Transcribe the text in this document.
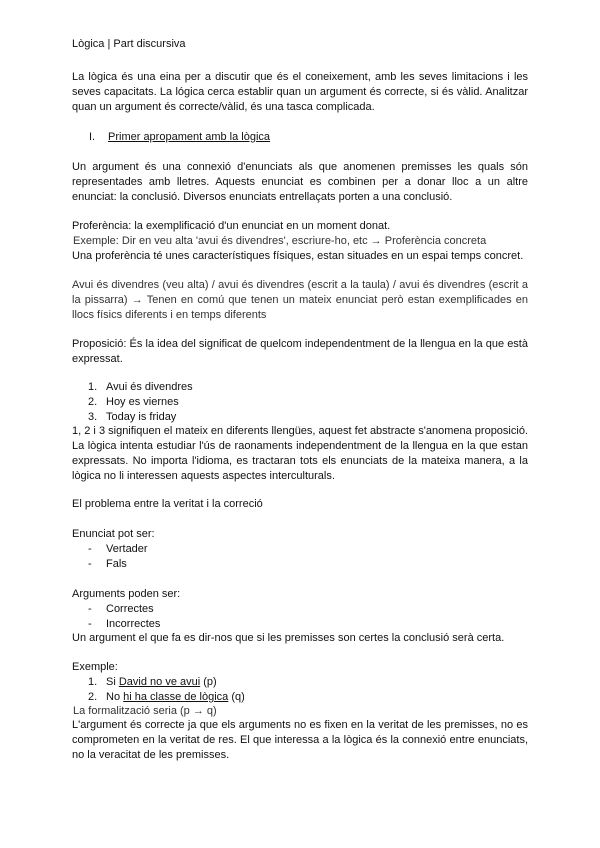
Lògica | Part discursiva
La lògica és una eina per a discutir que és el coneixement, amb les seves limitacions i les seves capacitats. La lógica cerca establir quan un argument és correcte, si és vàlid. Analitzar quan un argument és correcte/vàlid, és una tasca complicada.
I. Primer apropament amb la lògica
Un argument és una connexió d'enunciats als que anomenen premisses les quals són representades amb lletres. Aquests enunciat es combinen per a donar lloc a un altre enunciat: la conclusió. Diversos enunciats entrellaçats porten a una conclusió.
Proferència: la exemplificació d'un enunciat en un moment donat.
Exemple: Dir en veu alta 'avui és divendres', escriure-ho, etc → Proferència concreta
Una proferència té unes característiques físiques, estan situades en un espai temps concret.
Avui és divendres (veu alta) / avui és divendres (escrit a la taula) / avui és divendres (escrit a la pissarra) → Tenen en comú que tenen un mateix enunciat però estan exemplificades en llocs físics diferents i en temps diferents
Proposició: És la idea del significat de quelcom independentment de la llengua en la que està expressat.
1. Avui és divendres
2. Hoy es viernes
3. Today is friday
1, 2 i 3 signifiquen el mateix en diferents llengües, aquest fet abstracte s'anomena proposició. La lògica intenta estudiar l'ús de raonaments independentment de la llengua en la que estan expressats. No importa l'idioma, es tractaran tots els enunciats de la mateixa manera, a la lògica no li interessen aquests aspectes interculturals.
El problema entre la veritat i la correció
Enunciat pot ser:
- Vertader
- Fals
Arguments poden ser:
- Correctes
- Incorrectes
Un argument el que fa es dir-nos que si les premisses son certes la conclusió serà certa.
Exemple:
1. Si David no ve avui (p)
2. No hi ha classe de lògica (q)
La formalització seria (p → q)
L'argument és correcte ja que els arguments no es fixen en la veritat de les premisses, no es comprometen en la veritat de res. El que interessa a la lògica és la connexió entre enunciats, no la veracitat de les premisses.
